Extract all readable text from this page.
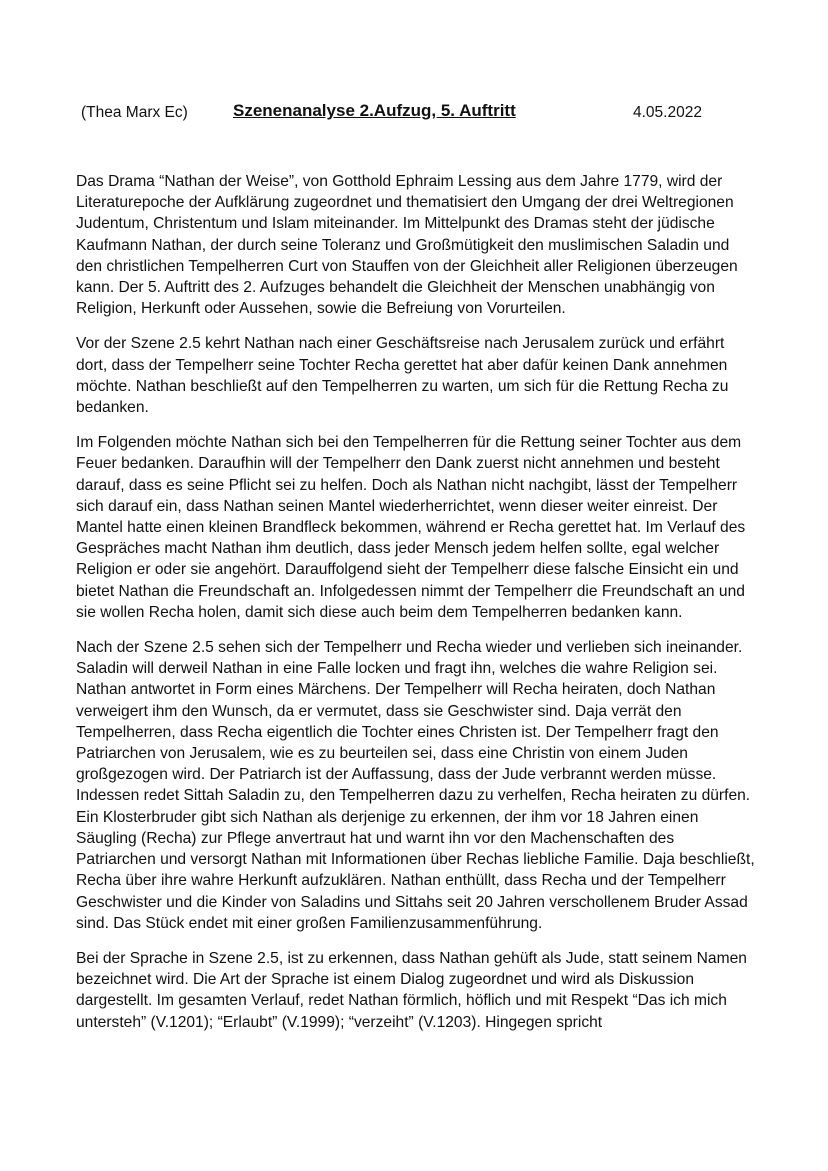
(Thea Marx Ec)	Szenenanalyse 2.Aufzug, 5. Auftritt	4.05.2022

Das Drama “Nathan der Weise”, von Gotthold Ephraim Lessing aus dem Jahre 1779, wird der Literaturepoche der Aufklärung zugeordnet und thematisiert den Umgang der drei Weltregionen Judentum, Christentum und Islam miteinander. Im Mittelpunkt des Dramas steht der jüdische Kaufmann Nathan, der durch seine Toleranz und Großmütigkeit den muslimischen Saladin und den christlichen Tempelherren Curt von Stauffen von der Gleichheit aller Religionen überzeugen kann. Der 5. Auftritt des 2. Aufzuges behandelt die Gleichheit der Menschen unabhängig von Religion, Herkunft oder Aussehen, sowie die Befreiung von Vorurteilen.

Vor der Szene 2.5 kehrt Nathan nach einer Geschäftsreise nach Jerusalem zurück und erfährt dort, dass der Tempelherr seine Tochter Recha gerettet hat aber dafür keinen Dank annehmen möchte. Nathan beschließt auf den Tempelherren zu warten, um sich für die Rettung Recha zu bedanken.

Im Folgenden möchte Nathan sich bei den Tempelherren für die Rettung seiner Tochter aus dem Feuer bedanken. Daraufhin will der Tempelherr den Dank zuerst nicht annehmen und besteht darauf, dass es seine Pflicht sei zu helfen. Doch als Nathan nicht nachgibt, lässt der Tempelherr sich darauf ein, dass Nathan seinen Mantel wiederherrichtet, wenn dieser weiter einreist. Der Mantel hatte einen kleinen Brandfleck bekommen, während er Recha gerettet hat. Im Verlauf des Gespräches macht Nathan ihm deutlich, dass jeder Mensch jedem helfen sollte, egal welcher Religion er oder sie angehört. Darauffolgend sieht der Tempelherr diese falsche Einsicht ein und bietet Nathan die Freundschaft an. Infolgedessen nimmt der Tempelherr die Freundschaft an und sie wollen Recha holen, damit sich diese auch beim dem Tempelherren bedanken kann.

Nach der Szene 2.5 sehen sich der Tempelherr und Recha wieder und verlieben sich ineinander. Saladin will derweil Nathan in eine Falle locken und fragt ihn, welches die wahre Religion sei. Nathan antwortet in Form eines Märchens. Der Tempelherr will Recha heiraten, doch Nathan verweigert ihm den Wunsch, da er vermutet, dass sie Geschwister sind. Daja verrät den Tempelherren, dass Recha eigentlich die Tochter eines Christen ist. Der Tempelherr fragt den Patriarchen von Jerusalem, wie es zu beurteilen sei, dass eine Christin von einem Juden großgezogen wird. Der Patriarch ist der Auffassung, dass der Jude verbrannt werden müsse. Indessen redet Sittah Saladin zu, den Tempelherren dazu zu verhelfen, Recha heiraten zu dürfen. Ein Klosterbruder gibt sich Nathan als derjenige zu erkennen, der ihm vor 18 Jahren einen Säugling (Recha) zur Pflege anvertraut hat und warnt ihn vor den Machenschaften des Patriarchen und versorgt Nathan mit Informationen über Rechas liebliche Familie. Daja beschließt, Recha über ihre wahre Herkunft aufzuklären. Nathan enthüllt, dass Recha und der Tempelherr Geschwister und die Kinder von Saladins und Sittahs seit 20 Jahren verschollenem Bruder Assad sind. Das Stück endet mit einer großen Familienzusammenführung.

Bei der Sprache in Szene 2.5, ist zu erkennen, dass Nathan gehüft als Jude, statt seinem Namen bezeichnet wird. Die Art der Sprache ist einem Dialog zugeordnet und wird als Diskussion dargestellt. Im gesamten Verlauf, redet Nathan förmlich, höflich und mit Respekt “Das ich mich untersteh” (V.1201); “Erlaubt” (V.1999); “verzeiht” (V.1203). Hingegen spricht
